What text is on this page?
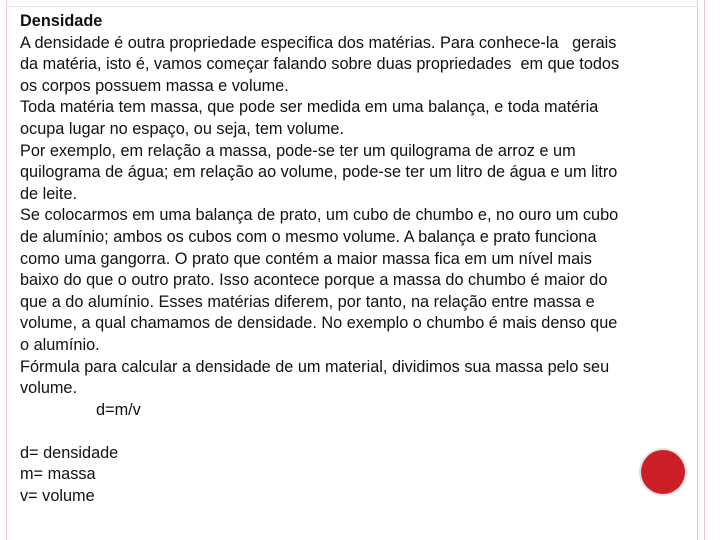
Densidade
A densidade é outra propriedade especifica dos matérias. Para conhece-la   gerais
da matéria, isto é, vamos começar falando sobre duas propriedades  em que todos
os corpos possuem massa e volume.
Toda matéria tem massa, que pode ser medida em uma balança, e toda matéria
ocupa lugar no espaço, ou seja, tem volume.
Por exemplo, em relação a massa, pode-se ter um quilograma de arroz e um
quilograma de água; em relação ao volume, pode-se ter um litro de água e um litro
de leite.
Se colocarmos em uma balança de prato, um cubo de chumbo e, no ouro um cubo
de alumínio; ambos os cubos com o mesmo volume. A balança e prato funciona
como uma gangorra. O prato que contém a maior massa fica em um nível mais
baixo do que o outro prato. Isso acontece porque a massa do chumbo é maior do
que a do alumínio. Esses matérias diferem, por tanto, na relação entre massa e
volume, a qual chamamos de densidade. No exemplo o chumbo é mais denso que
o alumínio.
Fórmula para calcular a densidade de um material, dividimos sua massa pelo seu
volume.
d=m/v
d= densidade
m= massa
v= volume
